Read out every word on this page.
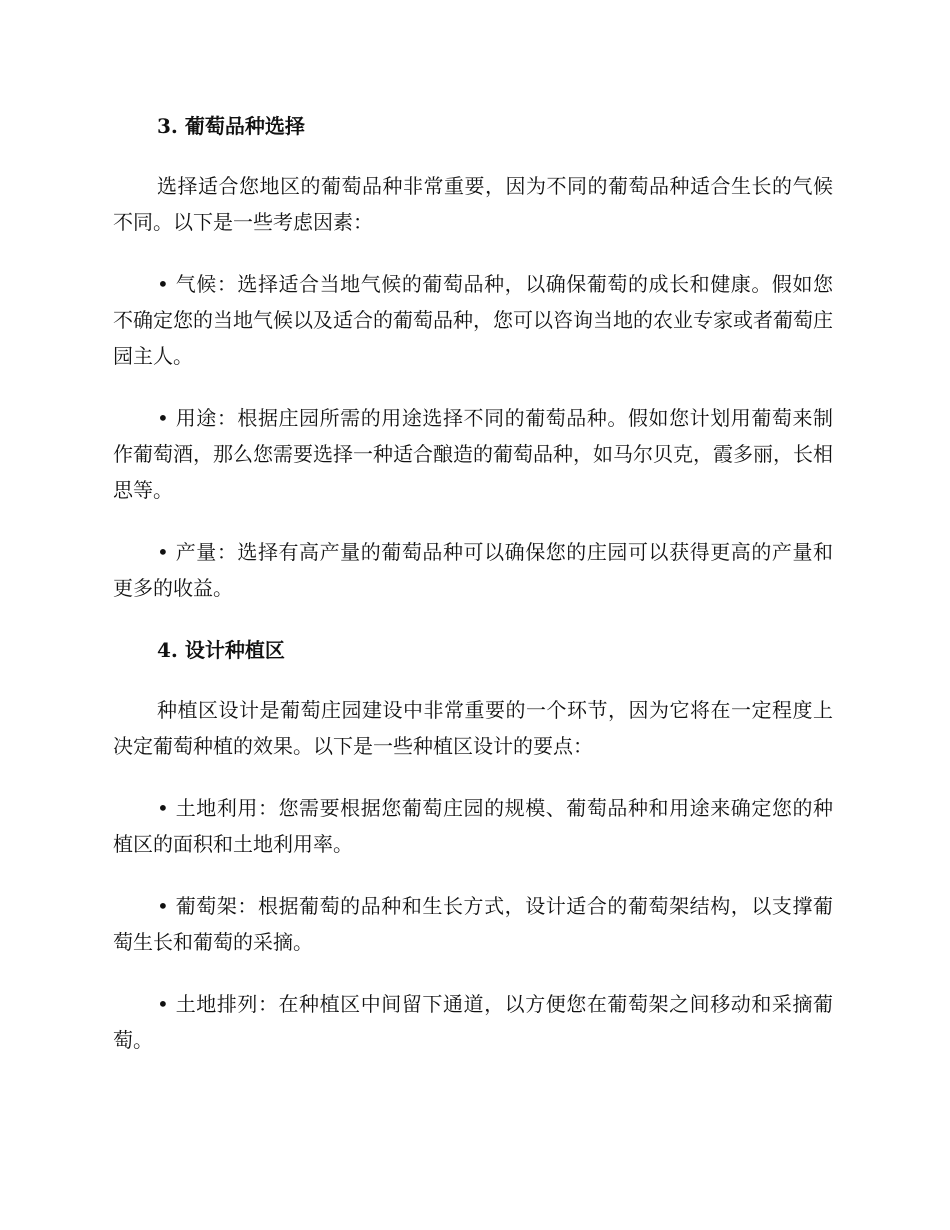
3. 葡萄品种选择

选择适合您地区的葡萄品种非常重要，因为不同的葡萄品种适合生长的气候不同。以下是一些考虑因素：

• 气候：选择适合当地气候的葡萄品种，以确保葡萄的成长和健康。假如您不确定您的当地气候以及适合的葡萄品种，您可以咨询当地的农业专家或者葡萄庄园主人。

• 用途：根据庄园所需的用途选择不同的葡萄品种。假如您计划用葡萄来制作葡萄酒，那么您需要选择一种适合酿造的葡萄品种，如马尔贝克，霞多丽，长相思等。

• 产量：选择有高产量的葡萄品种可以确保您的庄园可以获得更高的产量和更多的收益。

4. 设计种植区

种植区设计是葡萄庄园建设中非常重要的一个环节，因为它将在一定程度上决定葡萄种植的效果。以下是一些种植区设计的要点：

• 土地利用：您需要根据您葡萄庄园的规模、葡萄品种和用途来确定您的种植区的面积和土地利用率。

• 葡萄架：根据葡萄的品种和生长方式，设计适合的葡萄架结构，以支撑葡萄生长和葡萄的采摘。

• 土地排列：在种植区中间留下通道，以方便您在葡萄架之间移动和采摘葡萄。
